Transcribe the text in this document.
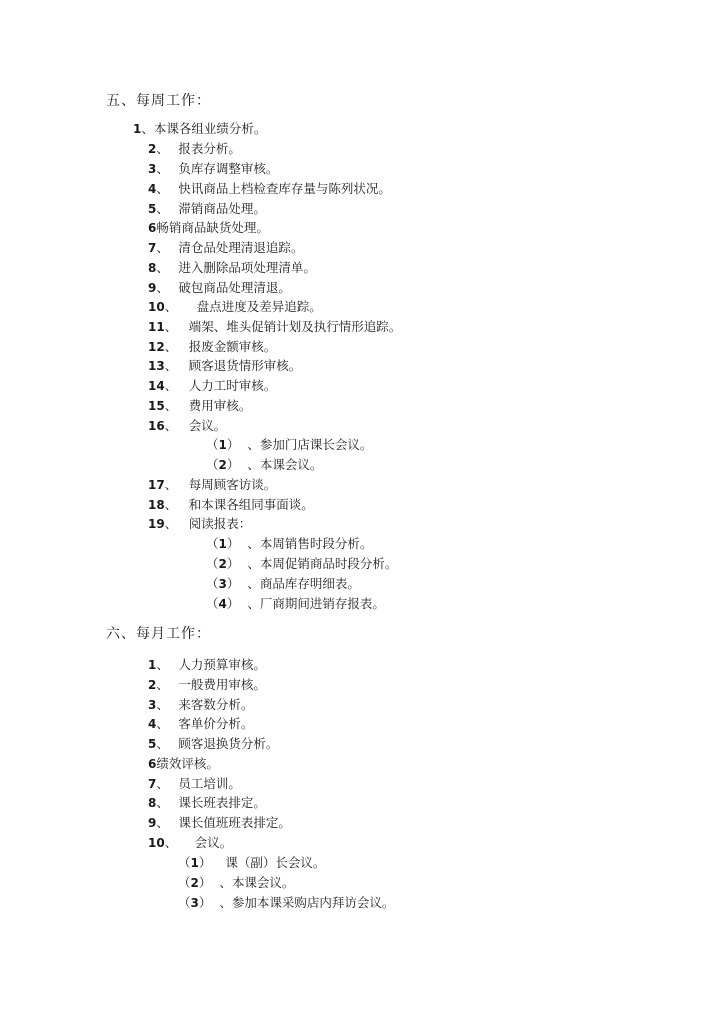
五、每周工作：
1、本课各组业绩分析。
2、 报表分析。
3、 负库存调整审核。
4、 快讯商品上档检查库存量与陈列状况。
5、 滞销商品处理。
6畅销商品缺货处理。
7、 清仓品处理清退追踪。
8、 进入删除品项处理清单。
9、 破包商品处理清退。
10、 盘点进度及差异追踪。
11、 端架、堆头促销计划及执行情形追踪。
12、 报废金额审核。
13、 顾客退货情形审核。
14、 人力工时审核。
15、 费用审核。
16、 会议。
（1） 、参加门店课长会议。
（2） 、本课会议。
17、 每周顾客访谈。
18、 和本课各组同事面谈。
19、 阅读报表：
（1） 、本周销售时段分析。
（2） 、本周促销商品时段分析。
（3） 、商品库存明细表。
（4） 、厂商期间进销存报表。
六、每月工作：
1、 人力预算审核。
2、 一般费用审核。
3、 来客数分析。
4、 客单价分析。
5、 顾客退换货分析。
6绩效评核。
7、 员工培训。
8、 课长班表排定。
9、 课长值班班表排定。
10、 会议。
（1） 课（副）长会议。
（2） 、本课会议。
（3） 、参加本课采购店内拜访会议。
